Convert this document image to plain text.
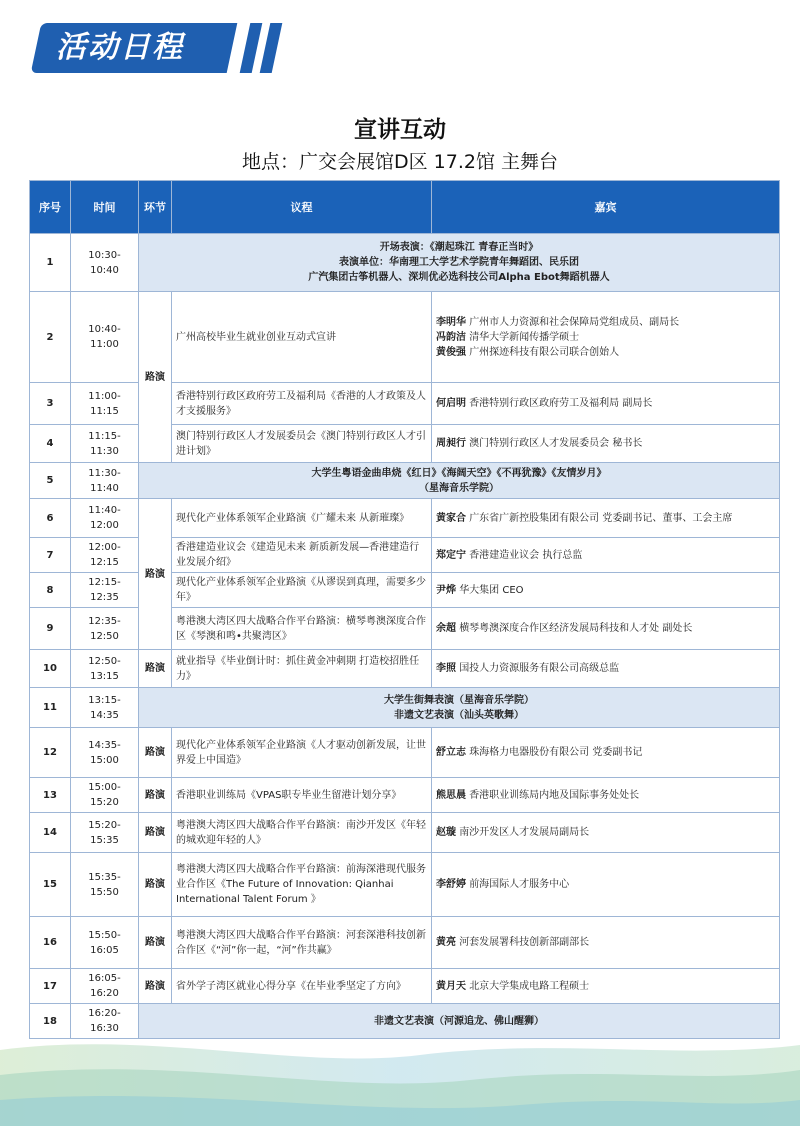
活动日程
宣讲互动
地点：广交会展馆D区 17.2馆 主舞台
序号	时间	环节	议程	嘉宾
1	10:30-10:40	开场表演：《潮起珠江 青春正当时》
表演单位：华南理工大学艺术学院青年舞蹈团、民乐团
广汽集团古筝机器人、深圳优必选科技公司Alpha Ebot舞蹈机器人		

2	10:40-11:00	路演	广州高校毕业生就业创业互动式宣讲	李明华 广州市人力资源和社会保障局党组成员、副局长
冯韵洁 清华大学新闻传播学硕士
黄俊强 广州探迹科技有限公司联合创始人

3	11:00-11:15		香港特别行政区政府劳工及福利局《香港的人才政策及人才支援服务》	何启明 香港特别行政区政府劳工及福利局 副局长
4	11:15-11:30		澳门特别行政区人才发展委员会《澳门特别行政区人才引进计划》	周昶行 澳门特别行政区人才发展委员会 秘书长
5	11:30-11:40	大学生粤语金曲串烧《红日》《海阔天空》《不再犹豫》《友情岁月》
（星海音乐学院）		

6	11:40-12:00	路演	现代化产业体系领军企业路演《广耀未来 从新璀璨》	黄家合 广东省广新控股集团有限公司 党委副书记、董事、工会主席
7	12:00-12:15		香港建造业议会《建造见未来 新质新发展—香港建造行业发展介绍》	郑定宁 香港建造业议会 执行总监
8	12:15-12:35		现代化产业体系领军企业路演《从谬误到真理，需要多少年》	尹烨 华大集团 CEO
9	12:35-12:50		粤港澳大湾区四大战略合作平台路演：横琴粤澳深度合作区《琴澳和鸣•共聚湾区》	余超 横琴粤澳深度合作区经济发展局科技和人才处 副处长
10	12:50-13:15	路演	就业指导《毕业倒计时：抓住黄金冲刺期 打造校招胜任力》	李照 国投人力资源服务有限公司高级总监
11	13:15-14:35	大学生街舞表演（星海音乐学院）
非遗文艺表演（汕头英歌舞）		

12	14:35-15:00	路演	现代化产业体系领军企业路演《人才驱动创新发展，让世界爱上中国造》	舒立志 珠海格力电器股份有限公司 党委副书记
13	15:00-15:20	路演	香港职业训练局《VPAS职专毕业生留港计划分享》	熊思晨 香港职业训练局内地及国际事务处处长
14	15:20-15:35	路演	粤港澳大湾区四大战略合作平台路演：南沙开发区《年轻的城欢迎年轻的人》	赵璇 南沙开发区人才发展局副局长
15	15:35-15:50	路演	粤港澳大湾区四大战略合作平台路演：前海深港现代服务业合作区《The Future of Innovation: Qianhai International Talent Forum 》	李舒婷 前海国际人才服务中心
16	15:50-16:05	路演	粤港澳大湾区四大战略合作平台路演：河套深港科技创新合作区《“河”你一起，“河”作共赢》	黄亮 河套发展署科技创新部副部长
17	16:05-16:20	路演	省外学子湾区就业心得分享《在毕业季坚定了方向》	黄月天 北京大学集成电路工程硕士
18	16:20-16:30	非遗文艺表演（河源追龙、佛山醒狮）		
